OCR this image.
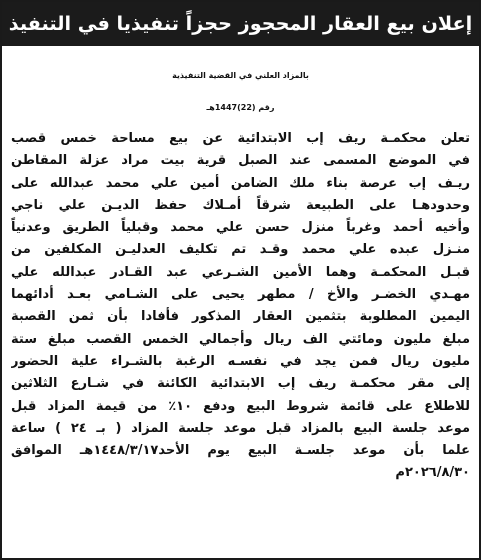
إعلان بيع العقار المحجوز حجزاً تنفيذيا في التنفيذ
بالمزاد العلني في القضية التنفيذية
رقم (22)1447هـ
تعلن محكمـة ريف إب الابتدائية عن بيع مساحة خمس قصب
في الموضع المسمى عند الصبل قرية بيت مراد عزلة المقاطن
ريـف إب عرصة بناء ملك الضامن أمين علي محمد عبدالله على
وحدودهـا على الطبيعة شرقاً أمـلاك حفظ الديـن علي ناجي
وأخيه أحمد وغرباً منزل حسن علي محمد وقبلياً الطريق وعدنياً
منـزل عبده علي محمد وقـد تم تكليف العدليـن المكلفين من
قبـل المحكمـة وهما الأمين الشـرعي عبد القـادر عبدالله علي
مهـدي الخضـر والأخ / مطهر يحيى على الشـامي بعـد أدائهما
اليمين المطلوبة بتثمين العقار المذكور فأفادا بأن ثمن القصبة
مبلغ مليون ومائتي الف ريال وأجمالي الخمس القصب مبلغ ستة
مليون ريال فمن يجد في نفسـه الرغبة بالشـراء علية الحضور
إلى مقر محكمـة ريف إب الابتدائية الكائنة في شـارع الثلاثين
للاطلاع على قائمة شروط البيع ودفع ١٠٪ من قيمة المزاد قبل
موعد جلسة البيع بالمزاد قبل موعد جلسة المزاد ( بـ ٢٤ ) ساعة
علما بأن موعد جلسـة البيع يوم الأحد١٤٤٨/٣/١٧هـ الموافق
٢٠٢٦/٨/٣٠م
